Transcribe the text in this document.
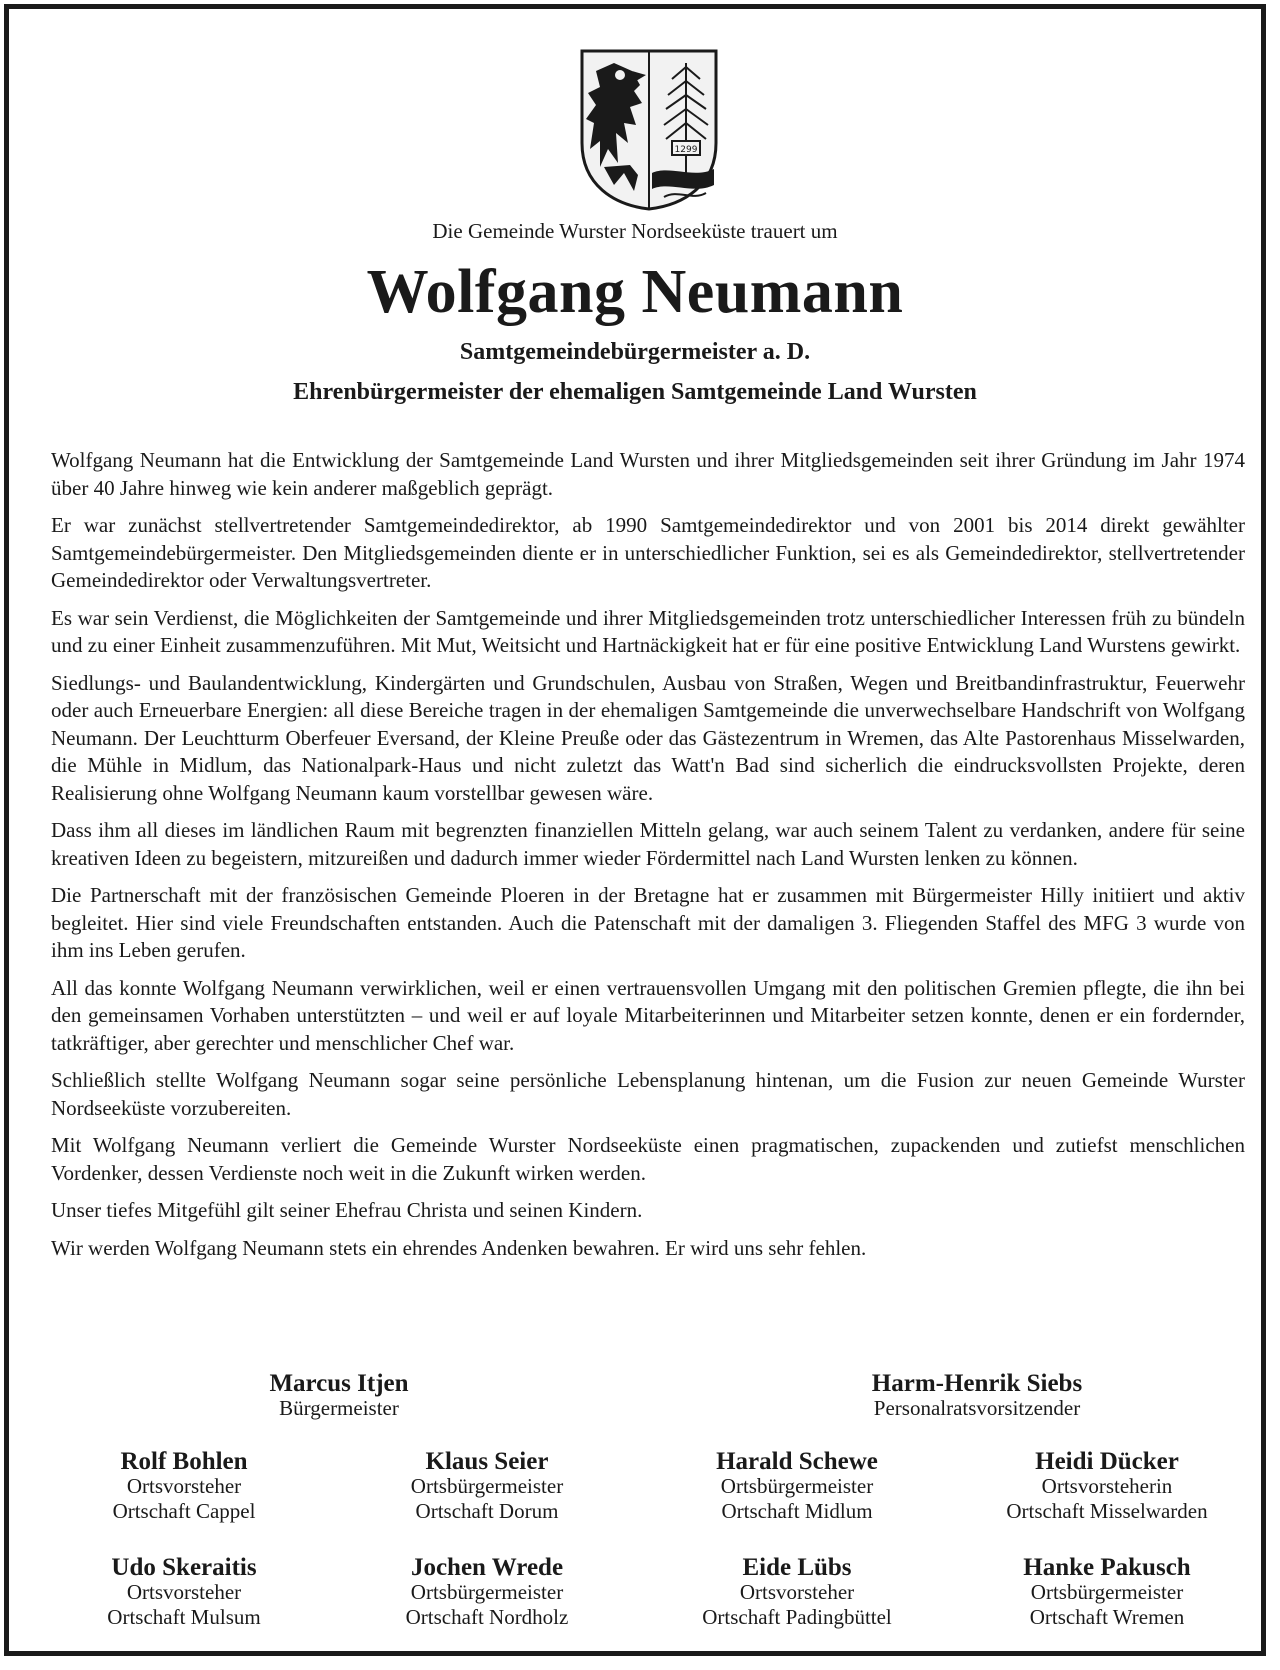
1299
Die Gemeinde Wurster Nordseeküste trauert um
Wolfgang Neumann
Samtgemeindebürgermeister a. D.
Ehrenbürgermeister der ehemaligen Samtgemeinde Land Wursten

Wolfgang Neumann hat die Entwicklung der Samtgemeinde Land Wursten und ihrer Mitgliedsgemeinden seit ihrer Gründung im Jahr 1974 über 40 Jahre hinweg wie kein anderer maßgeblich geprägt.

Er war zunächst stellvertretender Samtgemeindedirektor, ab 1990 Samtgemeindedirektor und von 2001 bis 2014 direkt gewählter Samtgemeindebürgermeister. Den Mitgliedsgemeinden diente er in unterschiedlicher Funktion, sei es als Gemeindedirektor, stellvertretender Gemeindedirektor oder Verwaltungsvertreter.

Es war sein Verdienst, die Möglichkeiten der Samtgemeinde und ihrer Mitgliedsgemeinden trotz unterschiedlicher Interessen früh zu bündeln und zu einer Einheit zusammenzuführen. Mit Mut, Weitsicht und Hartnäckigkeit hat er für eine positive Entwicklung Land Wurstens gewirkt.

Siedlungs- und Baulandentwicklung, Kindergärten und Grundschulen, Ausbau von Straßen, Wegen und Breitbandinfrastruktur, Feuerwehr oder auch Erneuerbare Energien: all diese Bereiche tragen in der ehemaligen Samtgemeinde die unverwechselbare Handschrift von Wolfgang Neumann. Der Leuchtturm Oberfeuer Eversand, der Kleine Preuße oder das Gästezentrum in Wremen, das Alte Pastorenhaus Misselwarden, die Mühle in Midlum, das Nationalpark-Haus und nicht zuletzt das Watt'n Bad sind sicherlich die eindrucksvollsten Projekte, deren Realisierung ohne Wolfgang Neumann kaum vorstellbar gewesen wäre.

Dass ihm all dieses im ländlichen Raum mit begrenzten finanziellen Mitteln gelang, war auch seinem Talent zu verdanken, andere für seine kreativen Ideen zu begeistern, mitzureißen und dadurch immer wieder Fördermittel nach Land Wursten lenken zu können.

Die Partnerschaft mit der französischen Gemeinde Ploeren in der Bretagne hat er zusammen mit Bürgermeister Hilly initiiert und aktiv begleitet. Hier sind viele Freundschaften entstanden. Auch die Patenschaft mit der damaligen 3. Fliegenden Staffel des MFG 3 wurde von ihm ins Leben gerufen.

All das konnte Wolfgang Neumann verwirklichen, weil er einen vertrauensvollen Umgang mit den politischen Gremien pflegte, die ihn bei den gemeinsamen Vorhaben unterstützten – und weil er auf loyale Mitarbeiterinnen und Mitarbeiter setzen konnte, denen er ein fordernder, tatkräftiger, aber gerechter und menschlicher Chef war.

Schließlich stellte Wolfgang Neumann sogar seine persönliche Lebensplanung hintenan, um die Fusion zur neuen Gemeinde Wurster Nordseeküste vorzubereiten.

Mit Wolfgang Neumann verliert die Gemeinde Wurster Nordseeküste einen pragmatischen, zupackenden und zutiefst menschlichen Vordenker, dessen Verdienste noch weit in die Zukunft wirken werden.

Unser tiefes Mitgefühl gilt seiner Ehefrau Christa und seinen Kindern.

Wir werden Wolfgang Neumann stets ein ehrendes Andenken bewahren. Er wird uns sehr fehlen.

Marcus Itjen
Bürgermeister
Harm-Henrik Siebs
Personalratsvorsitzender
Rolf Bohlen
Ortsvorsteher
Ortschaft Cappel
Klaus Seier
Ortsbürgermeister
Ortschaft Dorum
Harald Schewe
Ortsbürgermeister
Ortschaft Midlum
Heidi Dücker
Ortsvorsteherin
Ortschaft Misselwarden
Udo Skeraitis
Ortsvorsteher
Ortschaft Mulsum
Jochen Wrede
Ortsbürgermeister
Ortschaft Nordholz
Eide Lübs
Ortsvorsteher
Ortschaft Padingbüttel
Hanke Pakusch
Ortsbürgermeister
Ortschaft Wremen
